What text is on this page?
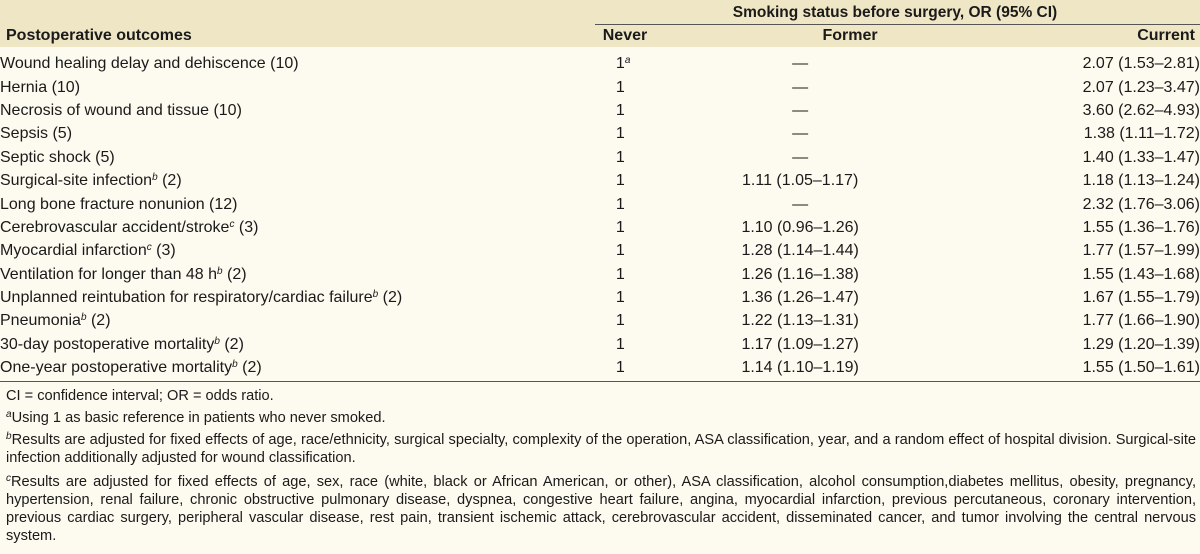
Smoking status before surgery, OR (95% CI)
Postoperative outcomes	Never	Former	Current
Wound healing delay and dehiscence (10)	1$^a$	—	2.07 (1.53–2.81)
Hernia (10)	1	—	2.07 (1.23–3.47)
Necrosis of wound and tissue (10)	1	—	3.60 (2.62–4.93)
Sepsis (5)	1	—	1.38 (1.11–1.72)
Septic shock (5)	1	—	1.40 (1.33–1.47)
Surgical-site infection$^b$ (2)	1	1.11 (1.05–1.17)	1.18 (1.13–1.24)
Long bone fracture nonunion (12)	1	—	2.32 (1.76–3.06)
Cerebrovascular accident/stroke$^c$ (3)	1	1.10 (0.96–1.26)	1.55 (1.36–1.76)
Myocardial infarction$^c$ (3)	1	1.28 (1.14–1.44)	1.77 (1.57–1.99)
Ventilation for longer than 48 $h^b$ (2)	1	1.26 (1.16–1.38)	1.55 (1.43–1.68)
Unplanned reintubation for respiratory/cardiac failure$^b$ (2)	1	1.36 (1.26–1.47)	1.67 (1.55–1.79)
Pneumonia$^b$ (2)	1	1.22 (1.13–1.31)	1.77 (1.66–1.90)
30-day postoperative mortality$^b$ (2)	1	1.17 (1.09–1.27)	1.29 (1.20–1.39)
One-year postoperative mortality$^b$ (2)	1	1.14 (1.10–1.19)	1.55 (1.50–1.61)

CI = confidence interval; OR = odds ratio.

$^a$Using 1 as basic reference in patients who never smoked.

$^b$Results are adjusted for fixed effects of age, race/ethnicity, surgical specialty, complexity of the operation, ASA classification, year, and a random effect of hospital division. Surgical-site infection additionally adjusted for wound classification.

$^c$Results are adjusted for fixed effects of age, sex, race (white, black or African American, or other), ASA classification, alcohol consumption,diabetes mellitus, obesity, pregnancy, hypertension, renal failure, chronic obstructive pulmonary disease, dyspnea, congestive heart failure, angina, myocardial infarction, previous percutaneous, coronary intervention, previous cardiac surgery, peripheral vascular disease, rest pain, transient ischemic attack, cerebrovascular accident, disseminated cancer, and tumor involving the central nervous system.
